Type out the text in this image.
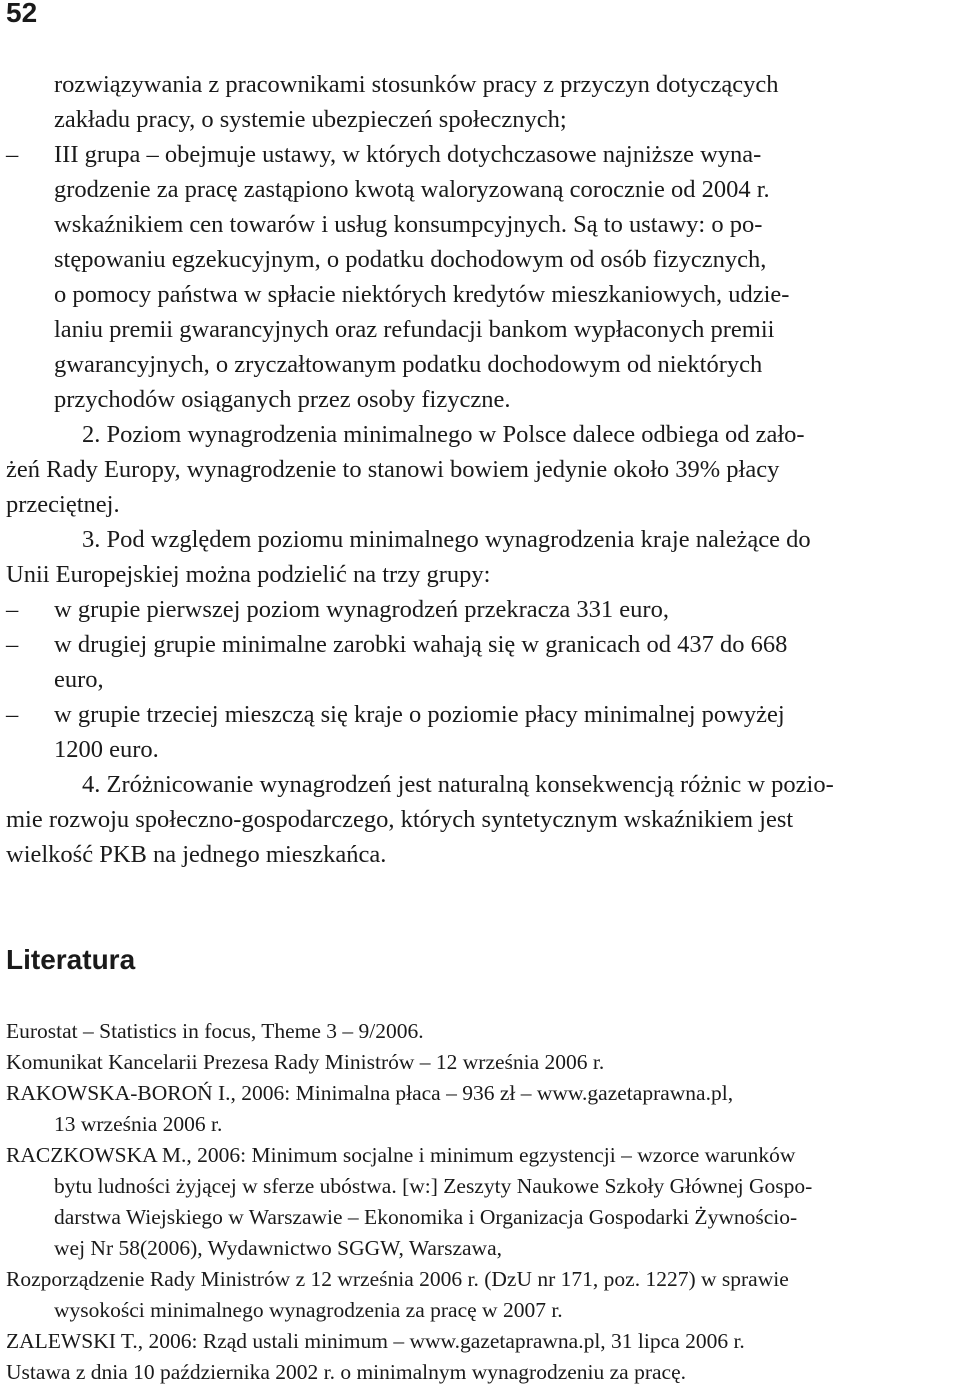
52
rozwiązywania z pracownikami stosunków pracy z przyczyn dotyczących
zakładu pracy, o systemie ubezpieczeń społecznych;
– III grupa – obejmuje ustawy, w których dotychczasowe najniższe wyna-
grodzenie za pracę zastąpiono kwotą waloryzowaną corocznie od 2004 r.
wskaźnikiem cen towarów i usług konsumpcyjnych. Są to ustawy: o po-
stępowaniu egzekucyjnym, o podatku dochodowym od osób fizycznych,
o pomocy państwa w spłacie niektórych kredytów mieszkaniowych, udzie-
laniu premii gwarancyjnych oraz refundacji bankom wypłaconych premii
gwarancyjnych, o zryczałtowanym podatku dochodowym od niektórych
przychodów osiąganych przez osoby fizyczne.
2. Poziom wynagrodzenia minimalnego w Polsce dalece odbiega od zało-
żeń Rady Europy, wynagrodzenie to stanowi bowiem jedynie około 39% płacy
przeciętnej.
3. Pod względem poziomu minimalnego wynagrodzenia kraje należące do
Unii Europejskiej można podzielić na trzy grupy:
– w grupie pierwszej poziom wynagrodzeń przekracza 331 euro,
– w drugiej grupie minimalne zarobki wahają się w granicach od 437 do 668
euro,
– w grupie trzeciej mieszczą się kraje o poziomie płacy minimalnej powyżej
1200 euro.
4. Zróżnicowanie wynagrodzeń jest naturalną konsekwencją różnic w pozio-
mie rozwoju społeczno-gospodarczego, których syntetycznym wskaźnikiem jest
wielkość PKB na jednego mieszkańca.
Literatura
Eurostat – Statistics in focus, Theme 3 – 9/2006.
Komunikat Kancelarii Prezesa Rady Ministrów – 12 września 2006 r.
RAKOWSKA-BOROŃ I., 2006: Minimalna płaca – 936 zł – www.gazetaprawna.pl,
13 września 2006 r.
RACZKOWSKA M., 2006: Minimum socjalne i minimum egzystencji – wzorce warunków
bytu ludności żyjącej w sferze ubóstwa. [w:] Zeszyty Naukowe Szkoły Głównej Gospo-
darstwa Wiejskiego w Warszawie – Ekonomika i Organizacja Gospodarki Żywnościo-
wej Nr 58(2006), Wydawnictwo SGGW, Warszawa,
Rozporządzenie Rady Ministrów z 12 września 2006 r. (DzU nr 171, poz. 1227) w sprawie
wysokości minimalnego wynagrodzenia za pracę w 2007 r.
ZALEWSKI T., 2006: Rząd ustali minimum – www.gazetaprawna.pl, 31 lipca 2006 r.
Ustawa z dnia 10 października 2002 r. o minimalnym wynagrodzeniu za pracę.
